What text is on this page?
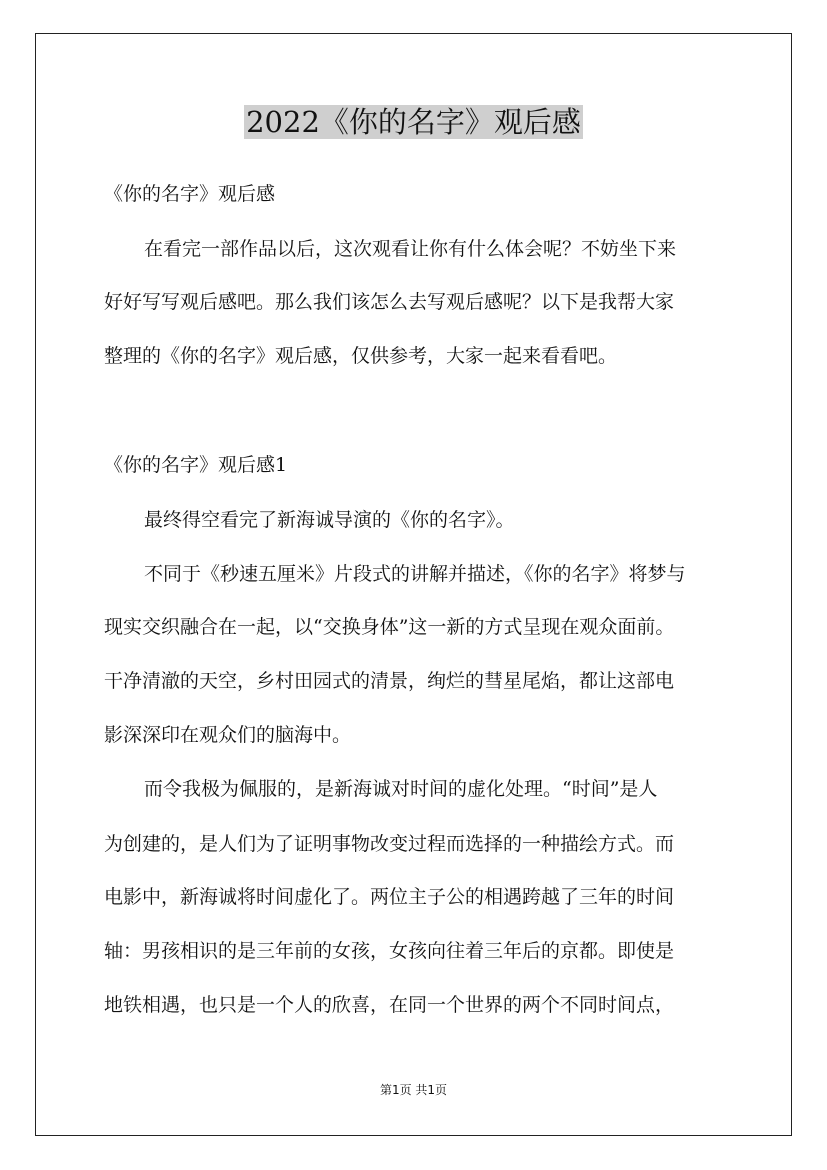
2022《你的名字》观后感
《你的名字》观后感
在看完一部作品以后，这次观看让你有什么体会呢？不妨坐下来
好好写写观后感吧。那么我们该怎么去写观后感呢？以下是我帮大家
整理的《你的名字》观后感，仅供参考，大家一起来看看吧。
《你的名字》观后感1
最终得空看完了新海诚导演的《你的名字》。
不同于《秒速五厘米》片段式的讲解并描述，《你的名字》将梦与
现实交织融合在一起，以“交换身体”这一新的方式呈现在观众面前。
干净清澈的天空，乡村田园式的清景，绚烂的彗星尾焰，都让这部电
影深深印在观众们的脑海中。
而令我极为佩服的，是新海诚对时间的虚化处理。“时间”是人
为创建的，是人们为了证明事物改变过程而选择的一种描绘方式。而
电影中，新海诚将时间虚化了。两位主子公的相遇跨越了三年的时间
轴：男孩相识的是三年前的女孩，女孩向往着三年后的京都。即使是
地铁相遇，也只是一个人的欣喜，在同一个世界的两个不同时间点，
第1页 共1页
